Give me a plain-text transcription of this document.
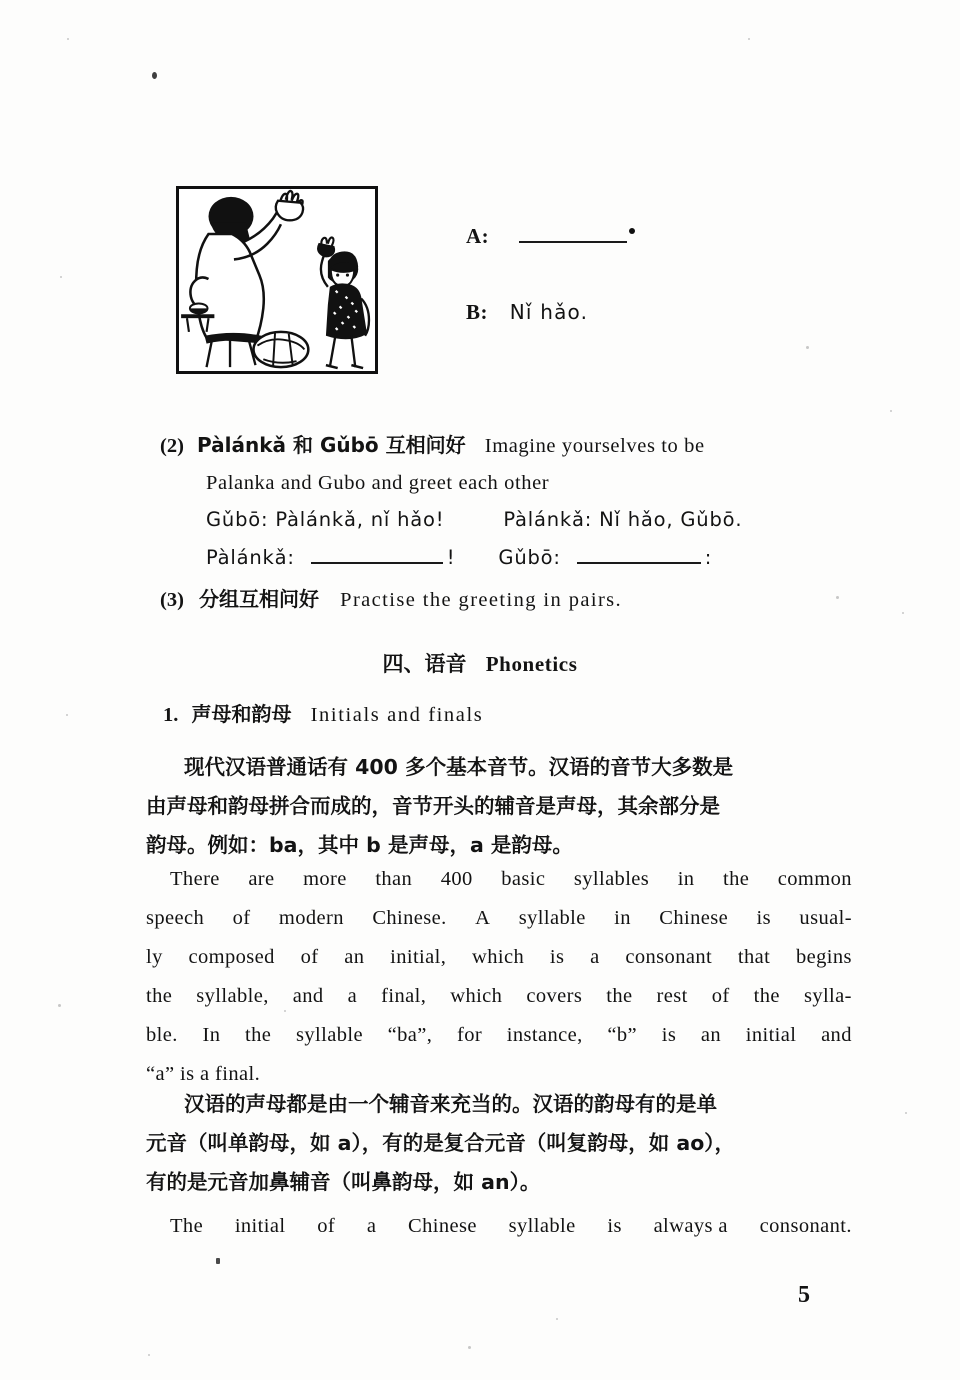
A:
B: Nǐ hǎo.
(2) Pàlánkǎ 和 Gǔbō 互相问好 Imagine yourselves to be
Palanka and Gubo and greet each other
Gǔbō: Pàlánkǎ, nǐ hǎo!	Pàlánkǎ: Nǐ hǎo, Gǔbō.
Pàlánkǎ:	! Gǔbō:	:
(3) 分组互相问好 Practise the greeting in pairs.
四、语音 Phonetics
1. 声母和韵母 Initials and finals
现代汉语普通话有 400 多个基本音节。汉语的音节大多数是
由声母和韵母拼合而成的，音节开头的辅音是声母，其余部分是
韵母。例如：ba，其中 b 是声母，a 是韵母。
There are more than 400 basic syllables in the common
speech of modern Chinese. A syllable in Chinese is usual-
ly composed of an initial, which is a consonant that begins
the syllable, and a final, which covers the rest of the sylla-
ble. In the syllable “ba”, for instance, “b” is an initial and
“a” is a final.
汉语的声母都是由一个辅音来充当的。汉语的韵母有的是单
元音（叫单韵母，如 a），有的是复合元音（叫复韵母，如 ao），
有的是元音加鼻辅音（叫鼻韵母，如 an）。
The initial of a Chinese syllable is always a consonant.
5
